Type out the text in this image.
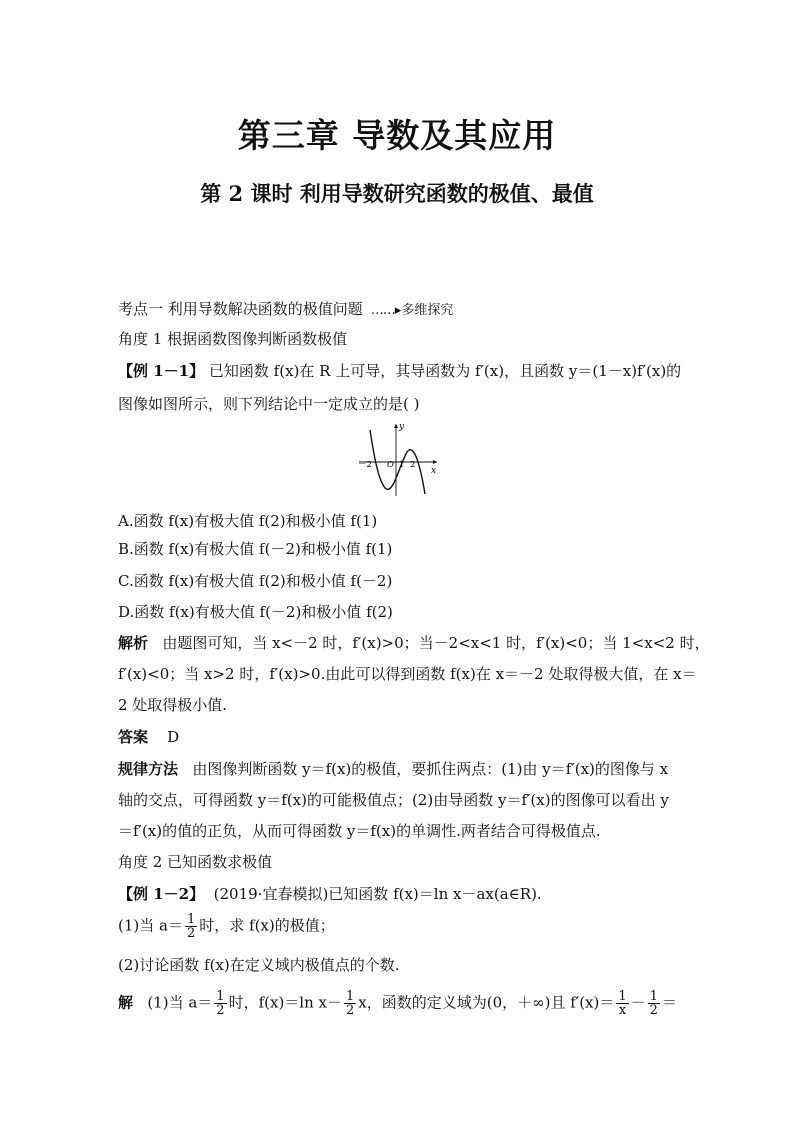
第三章 导数及其应用
第 2 课时 利用导数研究函数的极值、最值
考点一 利用导数解决函数的极值问题 ……▸多维探究
角度 1 根据函数图像判断函数极值
【例 1－1】 已知函数 f(x)在 R 上可导，其导函数为 f′(x)，且函数 y＝(1－x)f′(x)的
图像如图所示，则下列结论中一定成立的是( )
y
x
－2 O 1 2
A.函数 f(x)有极大值 f(2)和极小值 f(1)
B.函数 f(x)有极大值 f(－2)和极小值 f(1)
C.函数 f(x)有极大值 f(2)和极小值 f(－2)
D.函数 f(x)有极大值 f(－2)和极小值 f(2)
解析 由题图可知，当 x<－2 时，f′(x)>0；当－2<x<1 时，f′(x)<0；当 1<x<2 时，
f′(x)<0；当 x>2 时，f′(x)>0.由此可以得到函数 f(x)在 x＝－2 处取得极大值，在 x＝
2 处取得极小值.
答案 D
规律方法 由图像判断函数 y＝f(x)的极值，要抓住两点：(1)由 y＝f′(x)的图像与 x
轴的交点，可得函数 y＝f(x)的可能极值点；(2)由导函数 y＝f′(x)的图像可以看出 y
＝f′(x)的值的正负，从而可得函数 y＝f(x)的单调性.两者结合可得极值点.
角度 2 已知函数求极值
【例 1－2】 (2019·宜春模拟)已知函数 f(x)＝ln x－ax(a∈R).
(1)当 $a= \frac{1}{2}$ 时，求 f(x)的极值；
(2)讨论函数 f(x)在定义域内极值点的个数.
解 (1)当 $a= \frac{1}{2}$ 时，f(x)＝ln $x- \frac{1}{2}$ x，函数的定义域为(0，＋∞)且 $f'(x)= \frac{1}{x} - \frac{1}{2}$ ＝
